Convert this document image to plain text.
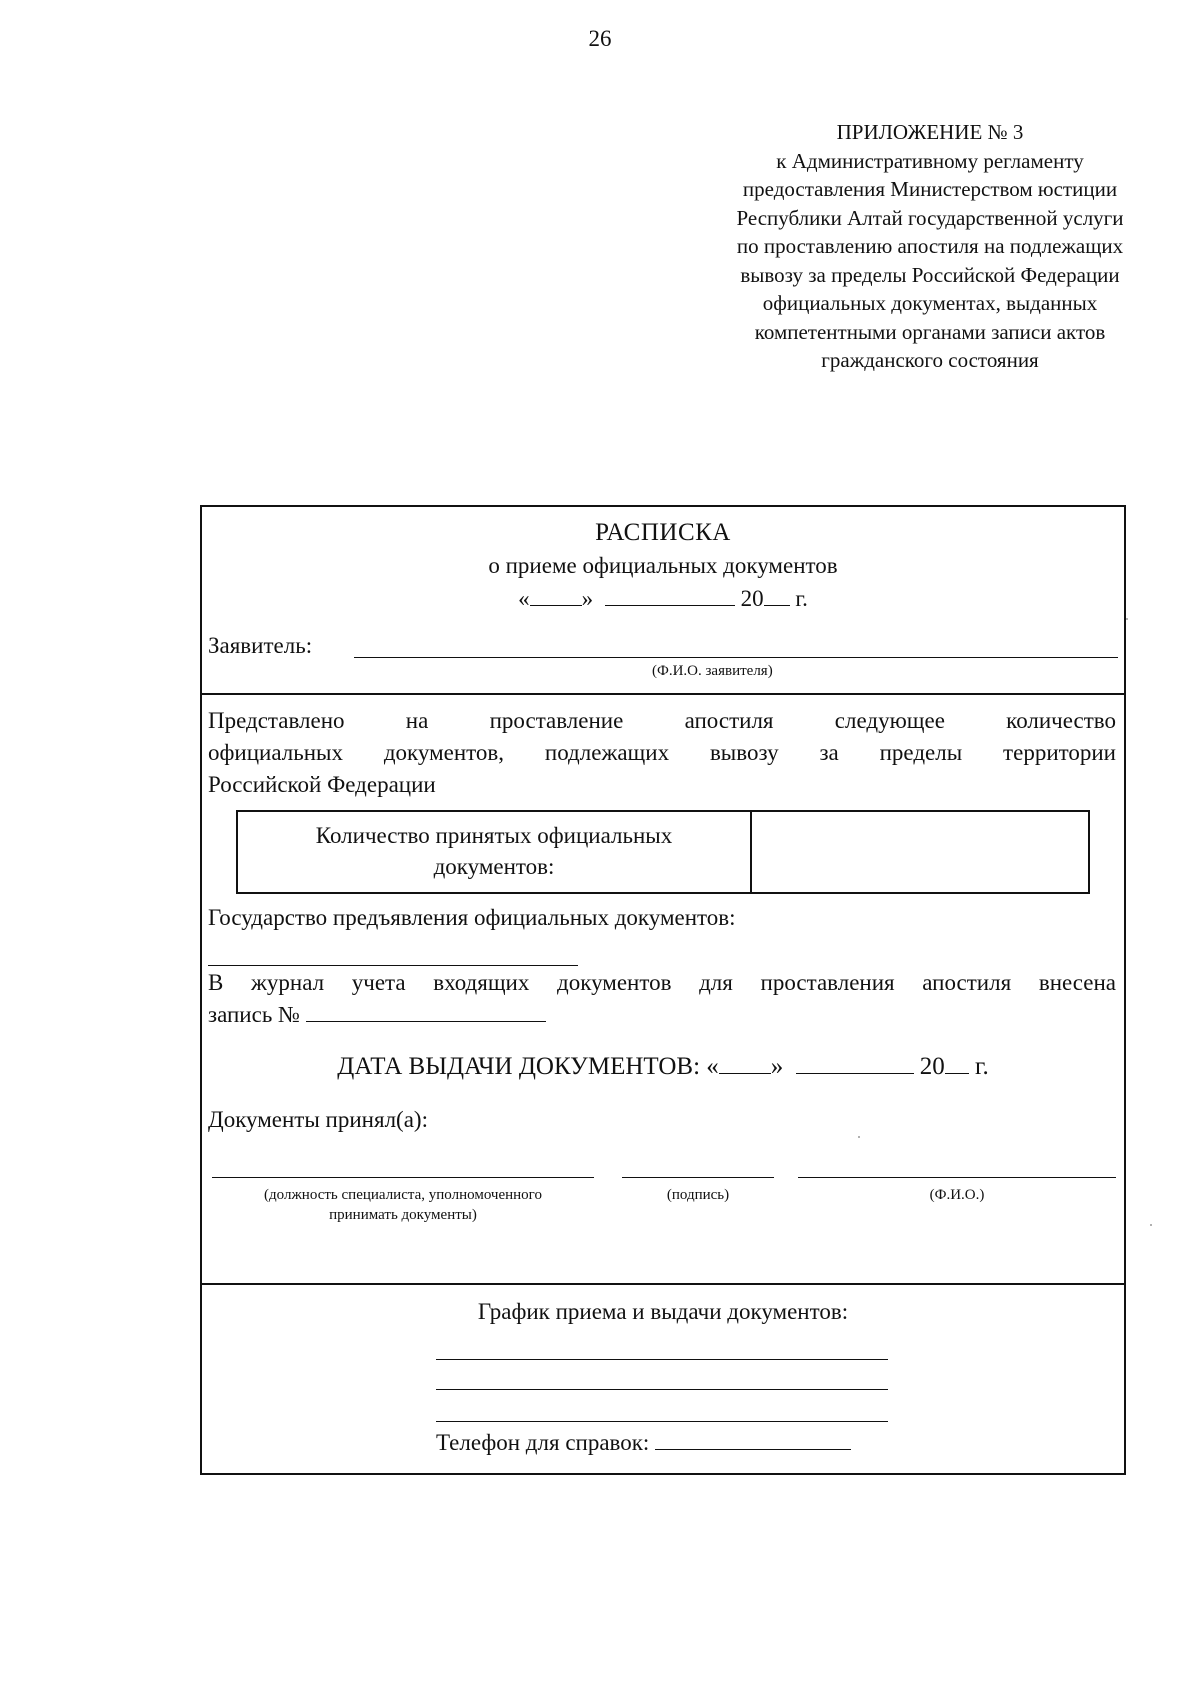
26
ПРИЛОЖЕНИЕ № 3
к Административному регламенту
предоставления Министерством юстиции
Республики Алтай государственной услуги
по проставлению апостиля на подлежащих
вывозу за пределы Российской Федерации
официальных документах, выданных
компетентными органами записи актов
гражданского состояния
РАСПИСКА
о приеме официальных документов
« »	20 г.
Заявитель:
(Ф.И.О. заявителя)
Представлено на проставление апостиля следующее количество
официальных документов, подлежащих вывозу за пределы территории
Российской Федерации
Количество принятых официальных
документов:
Государство предъявления официальных документов:
В журнал учета входящих документов для проставления апостиля внесена
запись №
ДАТА ВЫДАЧИ ДОКУМЕНТОВ: « »	20 г.
Документы принял(а):
(должность специалиста, уполномоченного
принимать документы)
(подпись)	(Ф.И.О.)
График приема и выдачи документов:
Телефон для справок:
